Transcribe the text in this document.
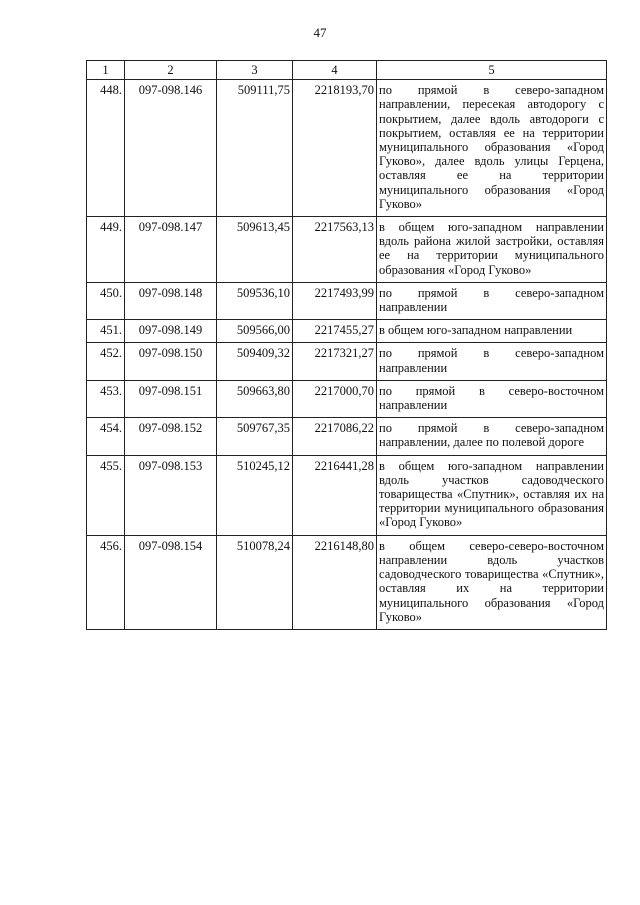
47
1	2	3	4	5
448.	097-098.146	509111,75	2218193,70	по прямой в северо-западном направлении, пересекая автодорогу с покрытием, далее вдоль автодороги с покрытием, оставляя ее на территории муниципального образования «Город Гуково», далее вдоль улицы Герцена, оставляя ее на территории муниципального образования «Город Гуково»
449.	097-098.147	509613,45	2217563,13	в общем юго-западном направлении вдоль района жилой застройки, оставляя ее на территории муниципального образования «Город Гуково»
450.	097-098.148	509536,10	2217493,99	по прямой в северо-западном направлении
451.	097-098.149	509566,00	2217455,27	в общем юго-западном направлении
452.	097-098.150	509409,32	2217321,27	по прямой в северо-западном направлении
453.	097-098.151	509663,80	2217000,70	по прямой в северо-восточном направлении
454.	097-098.152	509767,35	2217086,22	по прямой в северо-западном направлении, далее по полевой дороге
455.	097-098.153	510245,12	2216441,28	в общем юго-западном направлении вдоль участков садоводческого товарищества «Спутник», оставляя их на территории муниципального образования «Город Гуково»
456.	097-098.154	510078,24	2216148,80	в общем северо-северо-восточном направлении вдоль участков садоводческого товарищества «Спутник», оставляя их на территории муниципального образования «Город Гуково»
